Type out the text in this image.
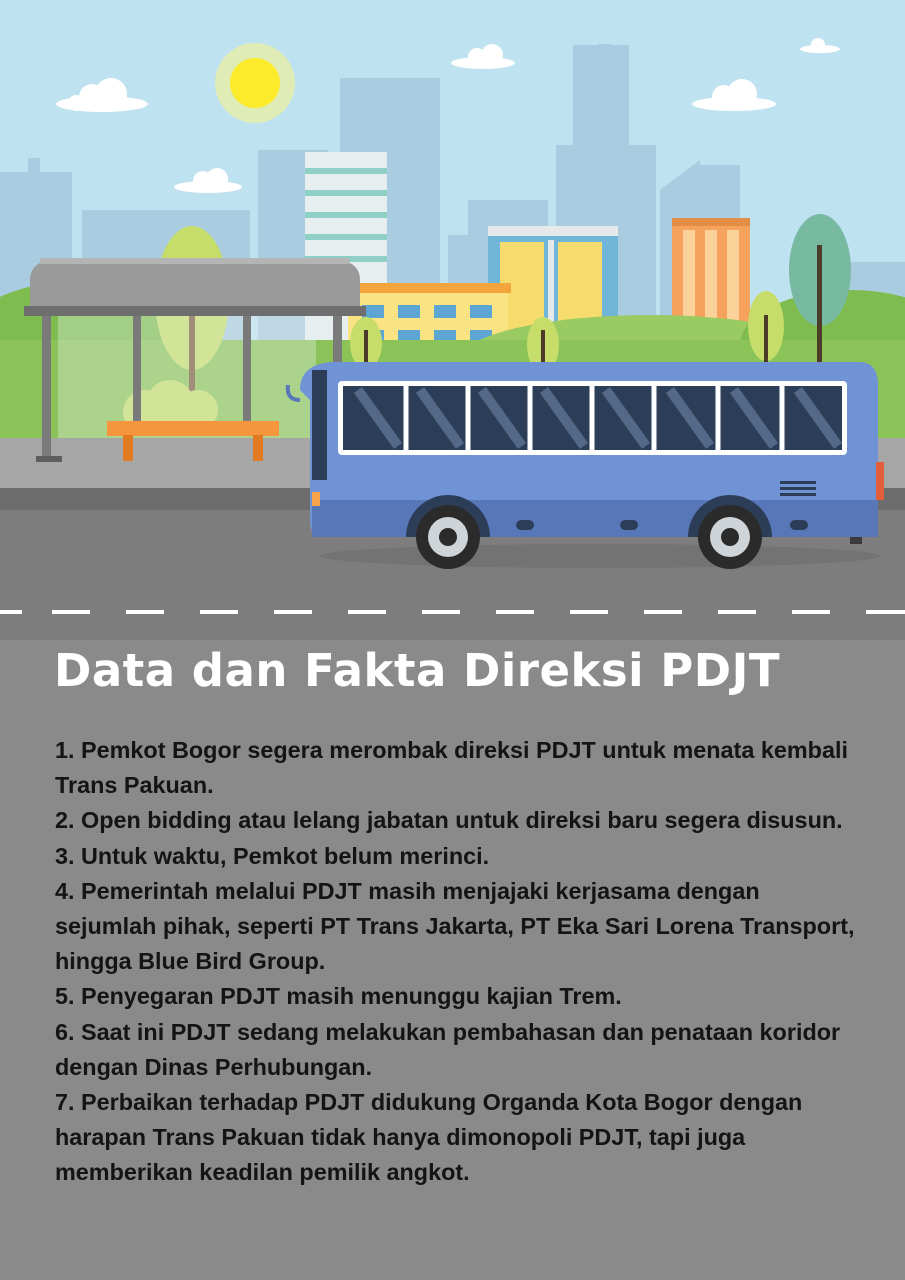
Data dan Fakta Direksi PDJT
1. Pemkot Bogor segera merombak direksi PDJT untuk menata kembali Trans Pakuan.
2. Open bidding atau lelang jabatan untuk direksi baru segera disusun.
3. Untuk waktu, Pemkot belum merinci.
4. Pemerintah melalui PDJT masih menjajaki kerjasama dengan sejumlah pihak, seperti PT Trans Jakarta, PT Eka Sari Lorena Transport, hingga Blue Bird Group.
5. Penyegaran PDJT masih menunggu kajian Trem.
6. Saat ini PDJT sedang melakukan pembahasan dan penataan koridor dengan Dinas Perhubungan.
7. Perbaikan terhadap PDJT didukung Organda Kota Bogor dengan harapan Trans Pakuan tidak hanya dimonopoli PDJT, tapi juga memberikan keadilan pemilik angkot.
